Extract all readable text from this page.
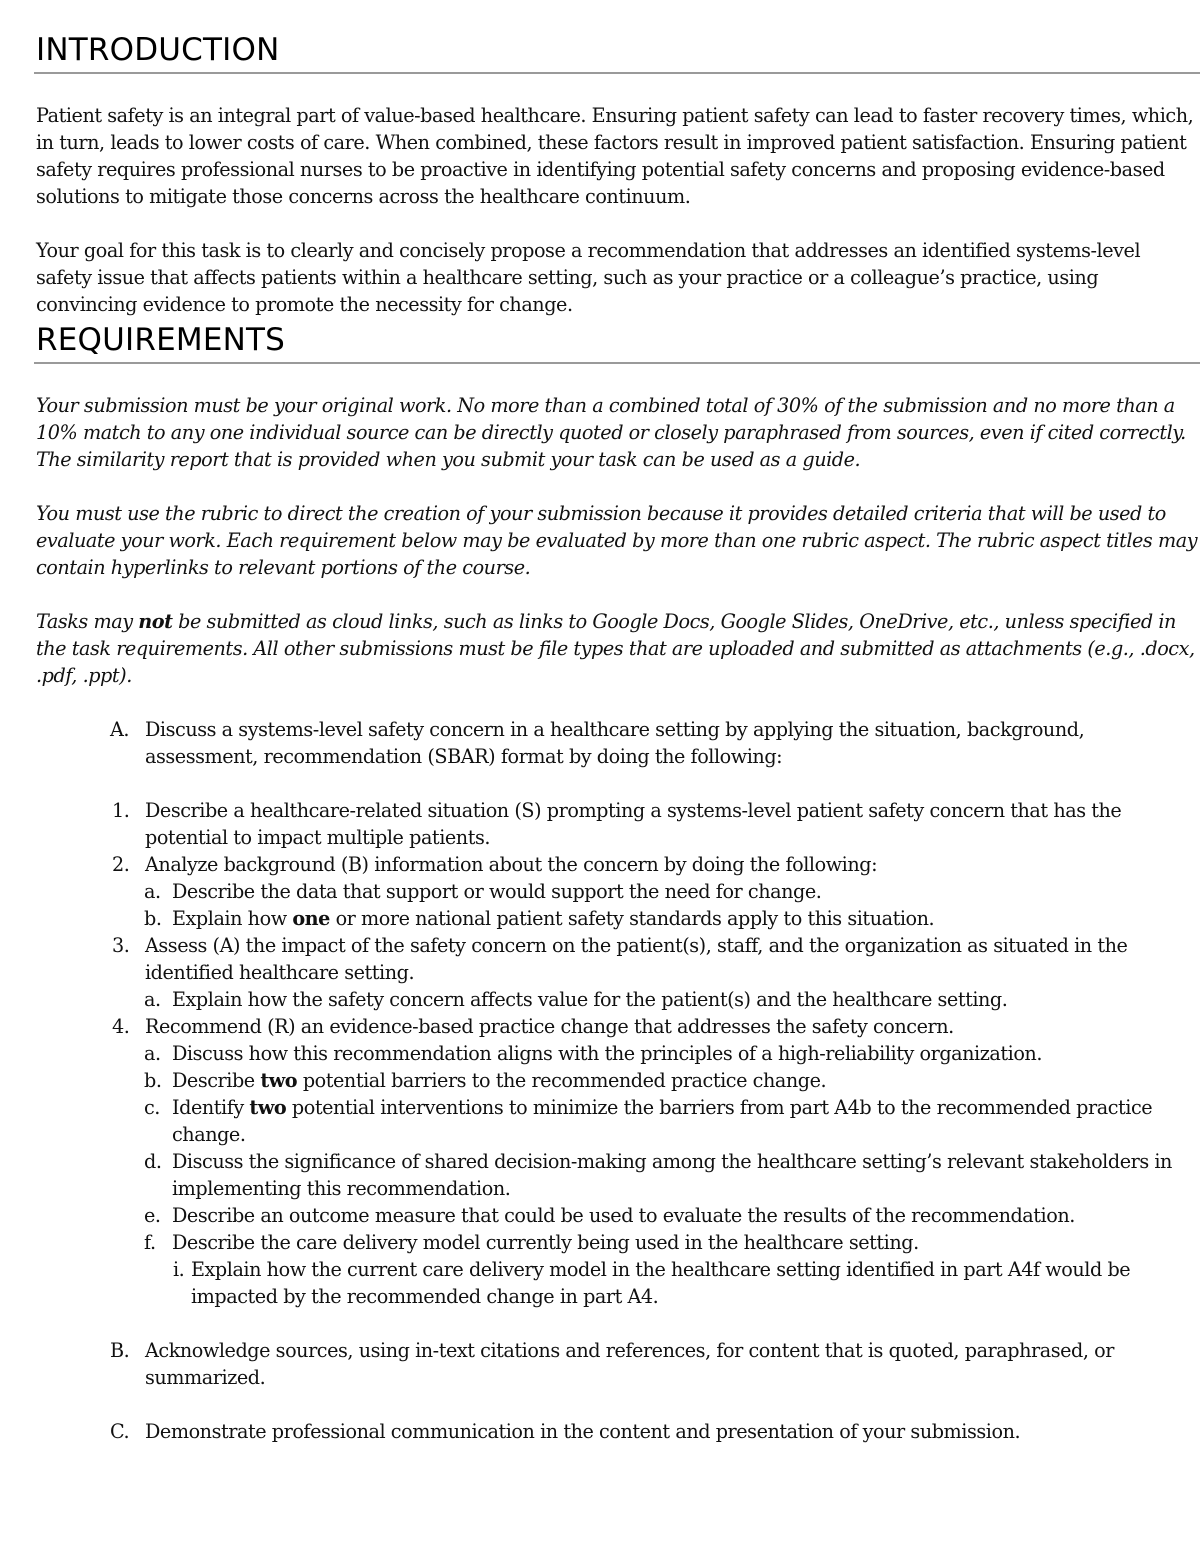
INTRODUCTION

Patient safety is an integral part of value-based healthcare. Ensuring patient safety can lead to faster recovery times, which, in turn, leads to lower costs of care. When combined, these factors result in improved patient satisfaction. Ensuring patient safety requires professional nurses to be proactive in identifying potential safety concerns and proposing evidence-based solutions to mitigate those concerns across the healthcare continuum.

Your goal for this task is to clearly and concisely propose a recommendation that addresses an identified systems-level safety issue that affects patients within a healthcare setting, such as your practice or a colleague’s practice, using convincing evidence to promote the necessity for change.

REQUIREMENTS

Your submission must be your original work. No more than a combined total of 30% of the submission and no more than a 10% match to any one individual source can be directly quoted or closely paraphrased from sources, even if cited correctly. The similarity report that is provided when you submit your task can be used as a guide.

You must use the rubric to direct the creation of your submission because it provides detailed criteria that will be used to evaluate your work. Each requirement below may be evaluated by more than one rubric aspect. The rubric aspect titles may contain hyperlinks to relevant portions of the course.

Tasks may not be submitted as cloud links, such as links to Google Docs, Google Slides, OneDrive, etc., unless specified in the task requirements. All other submissions must be file types that are uploaded and submitted as attachments (e.g., .docx, .pdf, .ppt).

A. Discuss a systems-level safety concern in a healthcare setting by applying the situation, background, assessment, recommendation (SBAR) format by doing the following:
1. Describe a healthcare-related situation (S) prompting a systems-level patient safety concern that has the potential to impact multiple patients.
2. Analyze background (B) information about the concern by doing the following:
a. Describe the data that support or would support the need for change.
b. Explain how one or more national patient safety standards apply to this situation.
3. Assess (A) the impact of the safety concern on the patient(s), staff, and the organization as situated in the identified healthcare setting.
a. Explain how the safety concern affects value for the patient(s) and the healthcare setting.
4. Recommend (R) an evidence-based practice change that addresses the safety concern.
a. Discuss how this recommendation aligns with the principles of a high-reliability organization.
b. Describe two potential barriers to the recommended practice change.
c. Identify two potential interventions to minimize the barriers from part A4b to the recommended practice change.
d. Discuss the significance of shared decision-making among the healthcare setting’s relevant stakeholders in implementing this recommendation.
e. Describe an outcome measure that could be used to evaluate the results of the recommendation.
f. Describe the care delivery model currently being used in the healthcare setting.
i. Explain how the current care delivery model in the healthcare setting identified in part A4f would be impacted by the recommended change in part A4.
B. Acknowledge sources, using in-text citations and references, for content that is quoted, paraphrased, or summarized.
C. Demonstrate professional communication in the content and presentation of your submission.
